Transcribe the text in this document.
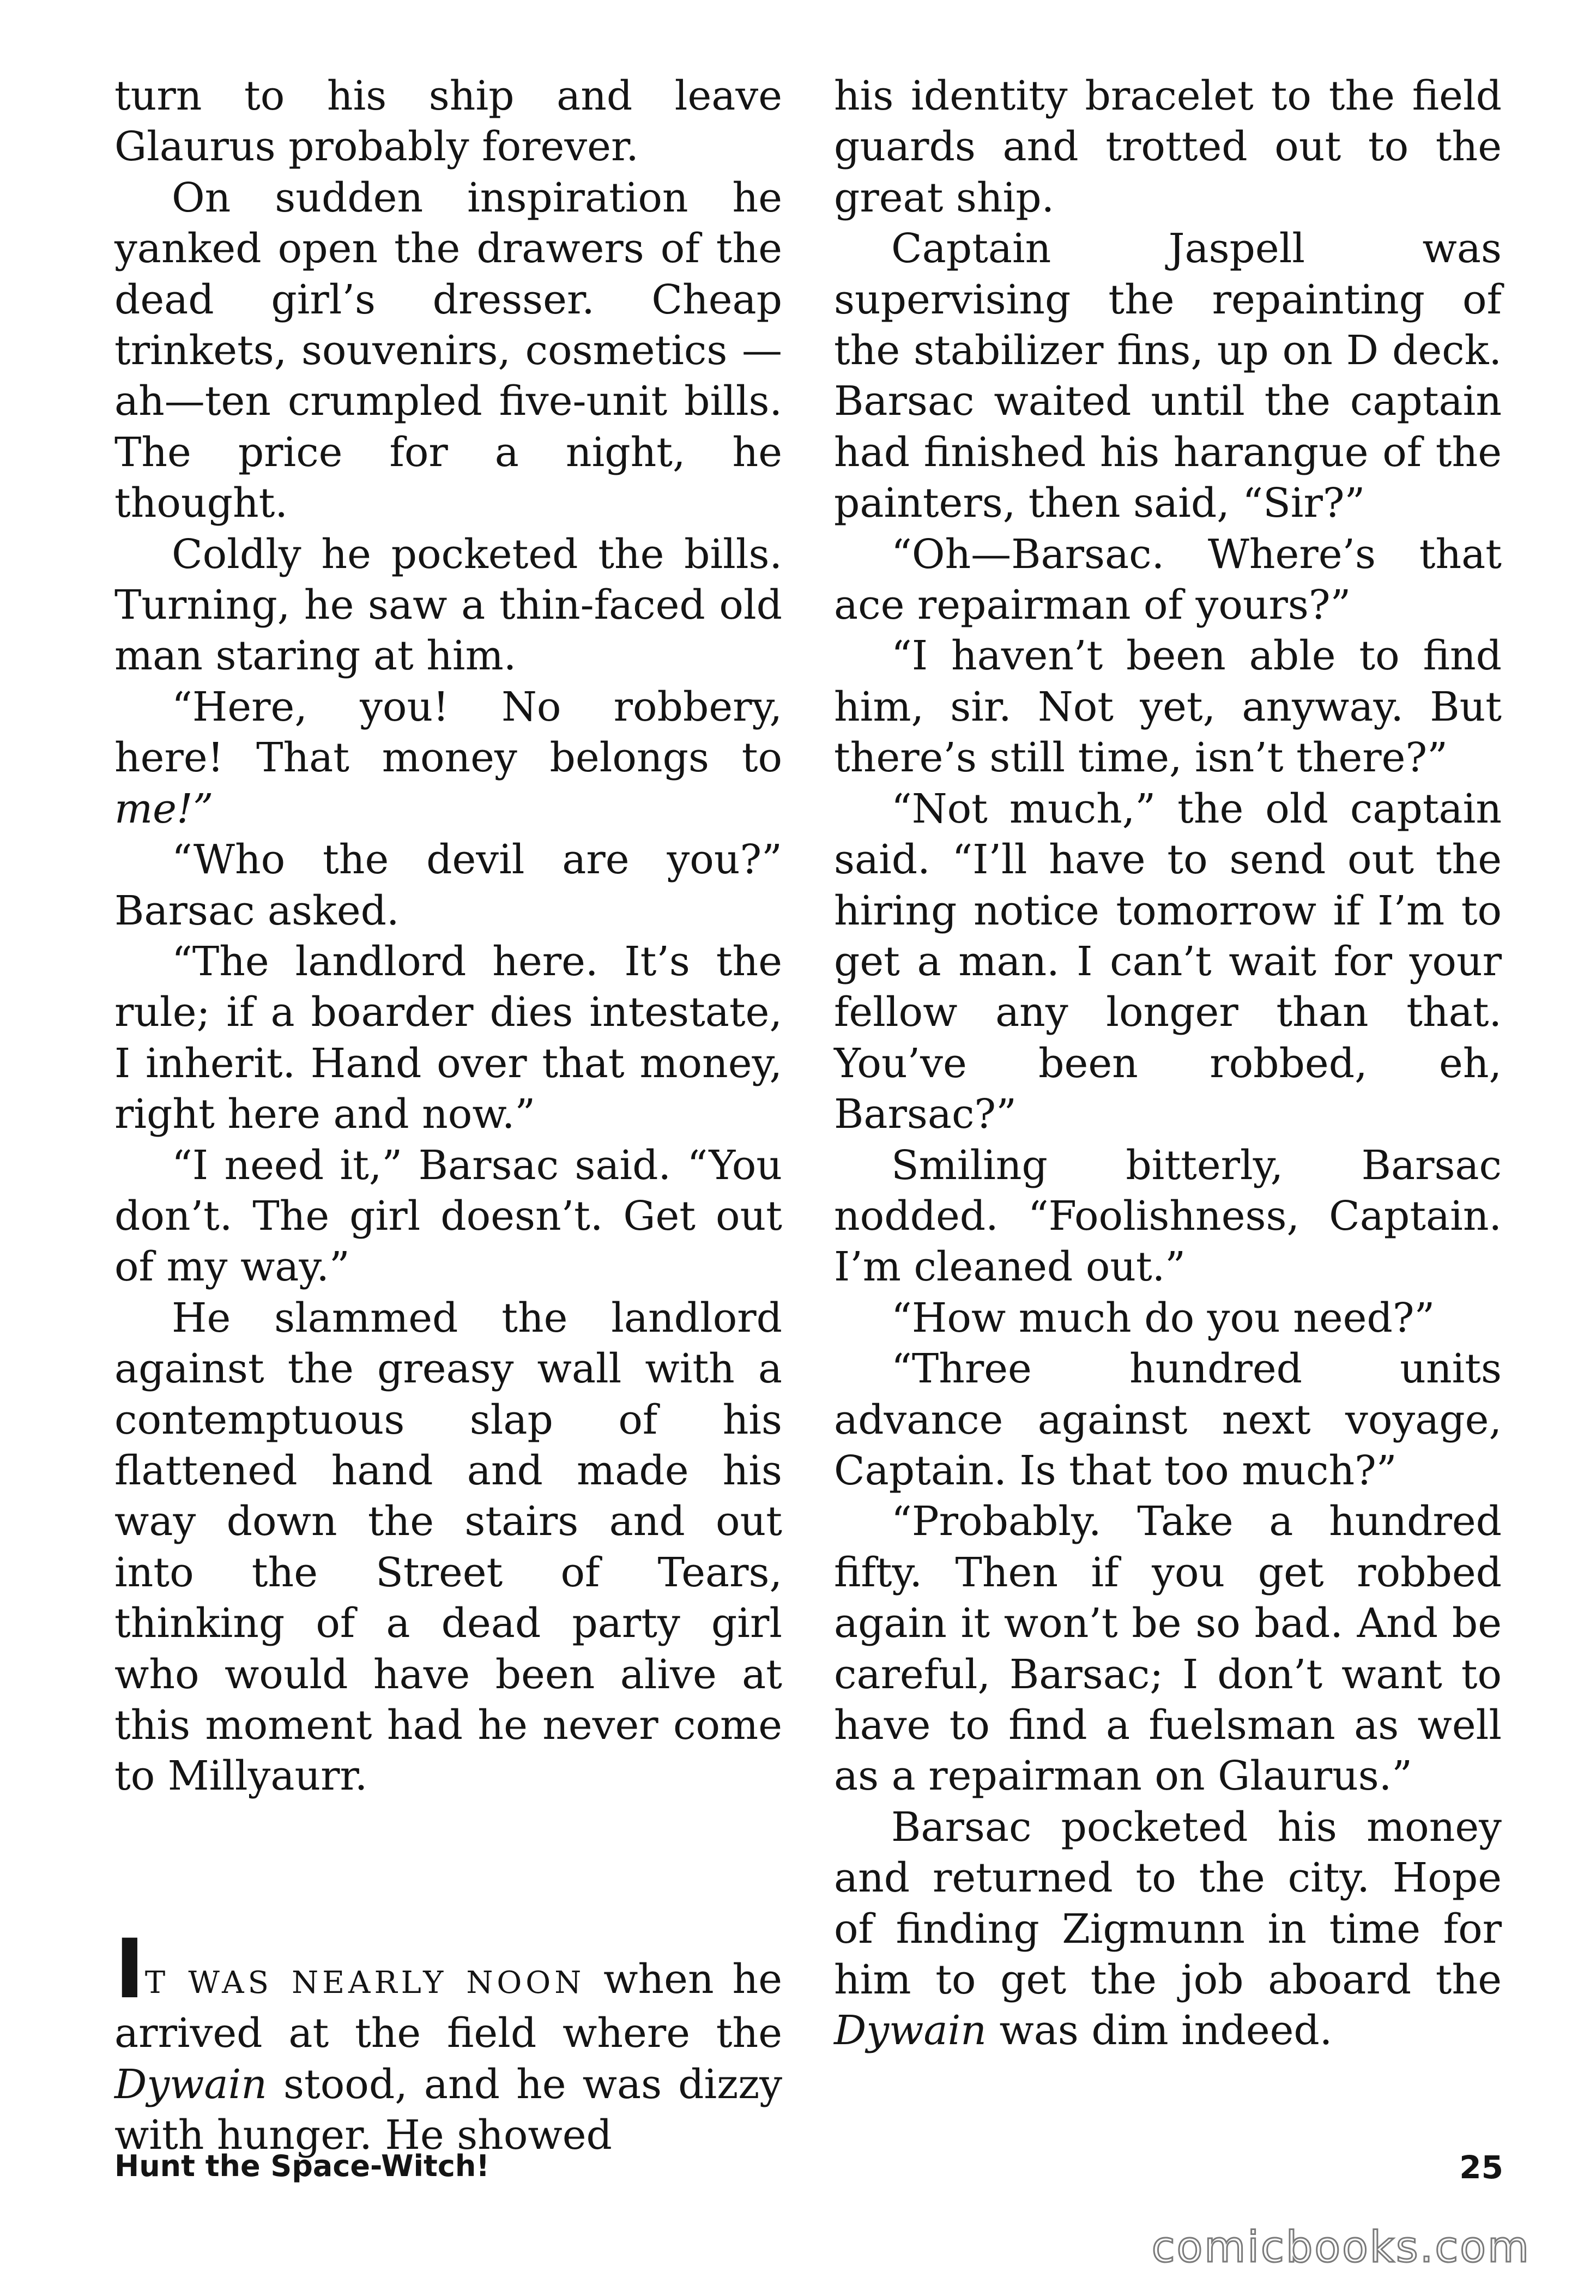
turn to his ship and leave Glaurus probably forever.

On sudden inspiration he yanked open the drawers of the dead girl’s dresser. Cheap trinkets, souvenirs, cosmetics —ah—ten crumpled five-unit bills. The price for a night, he thought.

Coldly he pocketed the bills. Turning, he saw a thin-faced old man staring at him.

“Here, you! No robbery, here! That money belongs to me!”

“Who the devil are you?” Barsac asked.

“The landlord here. It’s the rule; if a boarder dies intestate, I inherit. Hand over that money, right here and now.”

“I need it,” Barsac said. “You don’t. The girl doesn’t. Get out of my way.”

He slammed the landlord against the greasy wall with a contemptuous slap of his flattened hand and made his way down the stairs and out into the Street of Tears, thinking of a dead party girl who would have been alive at this moment had he never come to Millyaurr.

IT WAS NEARLY NOON when he arrived at the field where the Dywain stood, and he was dizzy with hunger. He showed

his identity bracelet to the field guards and trotted out to the great ship.

Captain Jaspell was supervising the repainting of the stabilizer fins, up on D deck. Barsac waited until the captain had finished his harangue of the painters, then said, “Sir?”

“Oh—Barsac. Where’s that ace repairman of yours?”

“I haven’t been able to find him, sir. Not yet, anyway. But there’s still time, isn’t there?”

“Not much,” the old captain said. “I’ll have to send out the hiring notice tomorrow if I’m to get a man. I can’t wait for your fellow any longer than that. You’ve been robbed, eh, Barsac?”

Smiling bitterly, Barsac nodded. “Foolishness, Captain. I’m cleaned out.”

“How much do you need?”

“Three hundred units advance against next voyage, Captain. Is that too much?”

“Probably. Take a hundred fifty. Then if you get robbed again it won’t be so bad. And be careful, Barsac; I don’t want to have to find a fuelsman as well as a repairman on Glaurus.”

Barsac pocketed his money and returned to the city. Hope of finding Zigmunn in time for him to get the job aboard the Dywain was dim indeed.

Hunt the Space-Witch!	25
comicbooks.com
